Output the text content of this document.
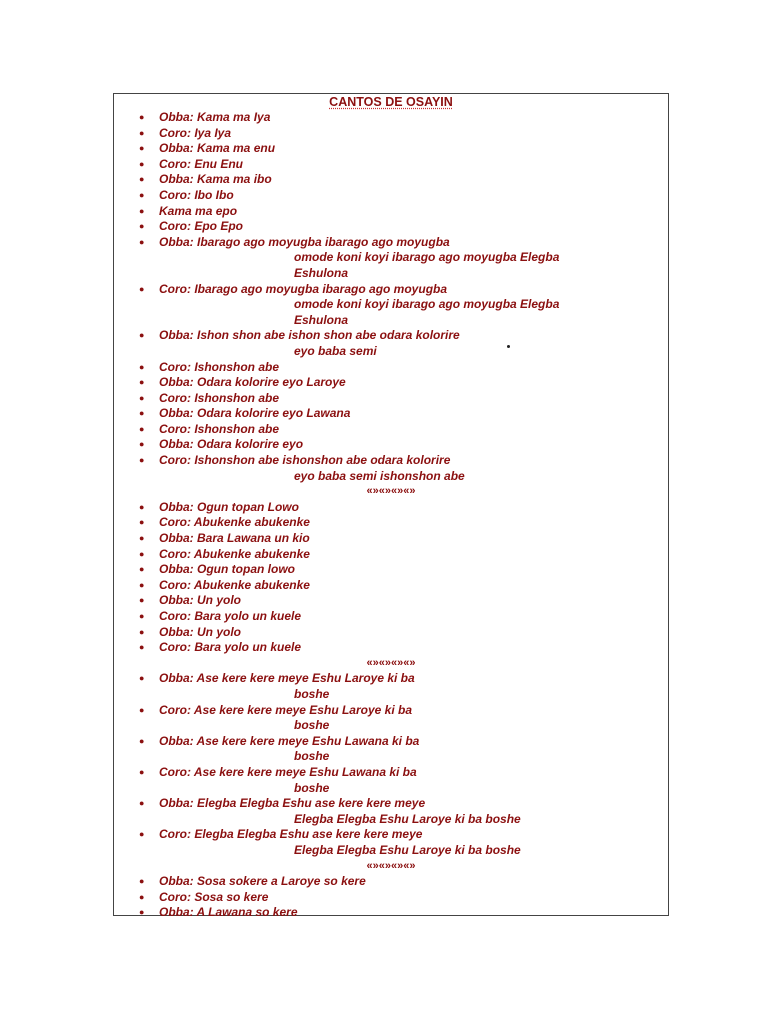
CANTOS DE OSAYIN
● Obba: Kama ma Iya
● Coro: Iya Iya
● Obba: Kama ma enu
● Coro: Enu Enu
● Obba: Kama ma ibo
● Coro: Ibo Ibo
● Kama ma epo
● Coro: Epo Epo
● Obba: Ibarago ago moyugba ibarago ago moyugba
omode koni koyi ibarago ago moyugba Elegba
Eshulona
● Coro: Ibarago ago moyugba ibarago ago moyugba
omode koni koyi ibarago ago moyugba Elegba
Eshulona
● Obba: Ishon shon abe ishon shon abe odara kolorire
eyo baba semi
● Coro: Ishonshon abe
● Obba: Odara kolorire eyo Laroye
● Coro: Ishonshon abe
● Obba: Odara kolorire eyo Lawana
● Coro: Ishonshon abe
● Obba: Odara kolorire eyo
● Coro: Ishonshon abe ishonshon abe odara kolorire
eyo baba semi ishonshon abe
«»«»«»«»
● Obba: Ogun topan Lowo
● Coro: Abukenke abukenke
● Obba: Bara Lawana un kio
● Coro: Abukenke abukenke
● Obba: Ogun topan lowo
● Coro: Abukenke abukenke
● Obba: Un yolo
● Coro: Bara yolo un kuele
● Obba: Un yolo
● Coro: Bara yolo un kuele
«»«»«»«»
● Obba: Ase kere kere meye Eshu Laroye ki ba
boshe
● Coro: Ase kere kere meye Eshu Laroye ki ba
boshe
● Obba: Ase kere kere meye Eshu Lawana ki ba
boshe
● Coro: Ase kere kere meye Eshu Lawana ki ba
boshe
● Obba: Elegba Elegba Eshu ase kere kere meye
Elegba Elegba Eshu Laroye ki ba boshe
● Coro: Elegba Elegba Eshu ase kere kere meye
Elegba Elegba Eshu Laroye ki ba boshe
«»«»«»«»
● Obba: Sosa sokere a Laroye so kere
● Coro: Sosa so kere
● Obba: A Lawana so kere
